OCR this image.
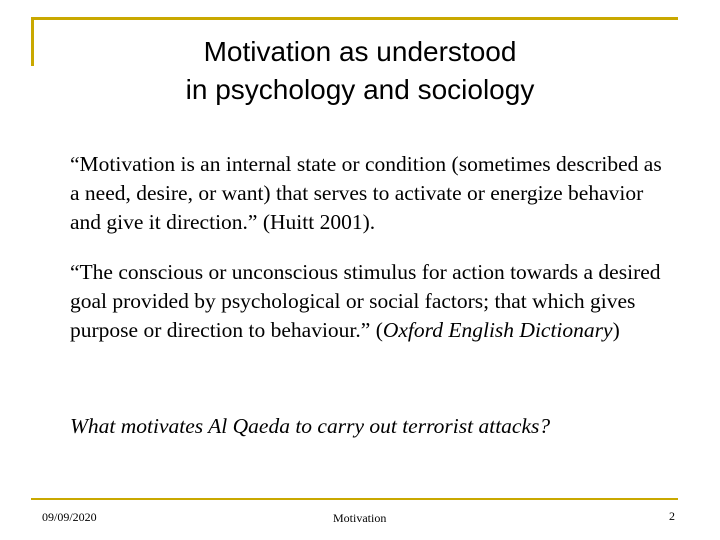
Motivation as understood
in psychology and sociology
“Motivation is an internal state or condition (sometimes described as a need, desire, or want) that serves to activate or energize behavior and give it direction.” (Huitt 2001).
“The conscious or unconscious stimulus for action towards a desired goal provided by psychological or social factors; that which gives purpose or direction to behaviour.” (Oxford English Dictionary)
What motivates Al Qaeda to carry out terrorist attacks?
09/09/2020	Motivation	2
